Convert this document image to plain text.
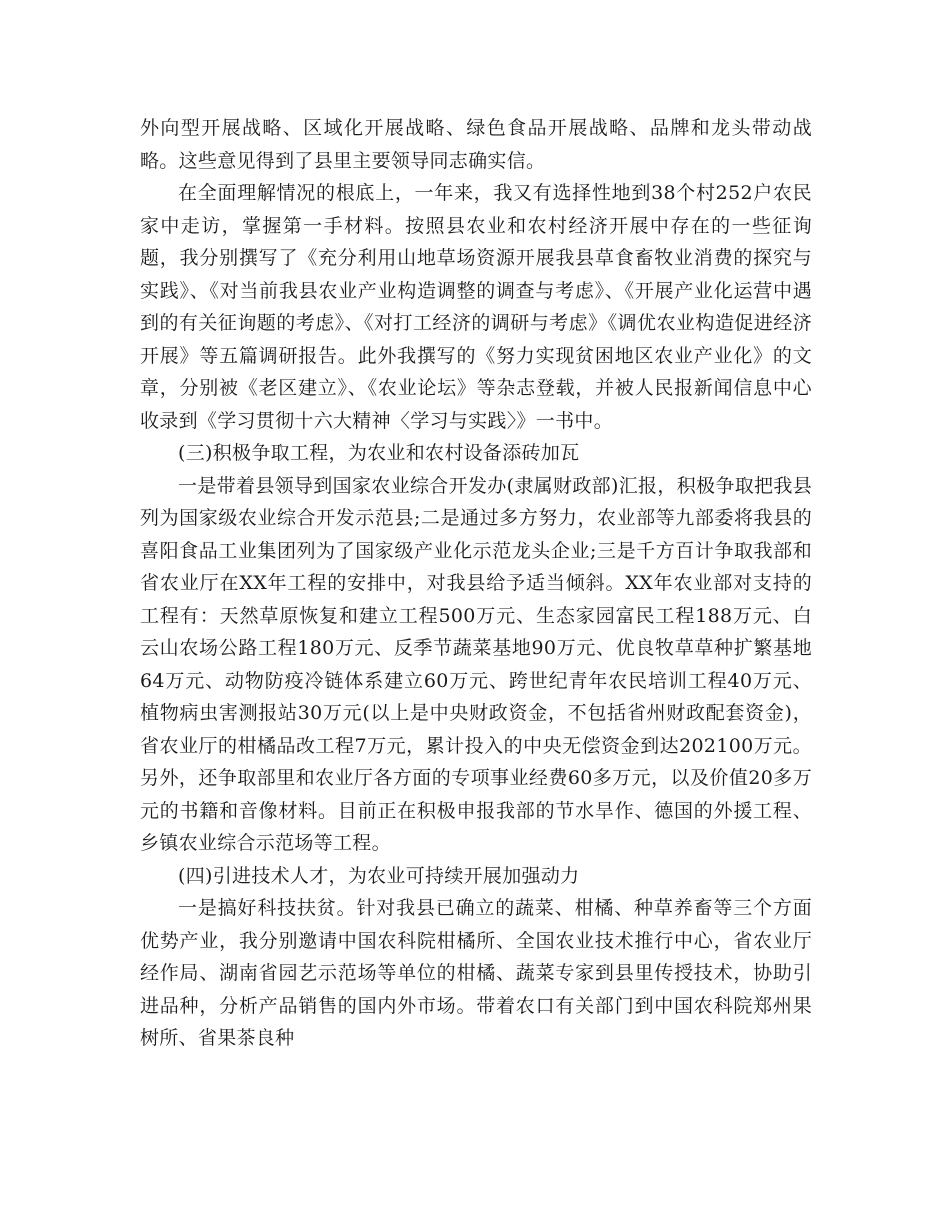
外向型开展战略、区域化开展战略、绿色食品开展战略、品牌和龙头带动战略。这些意见得到了县里主要领导同志确实信。

在全面理解情况的根底上，一年来，我又有选择性地到38个村252户农民家中走访，掌握第一手材料。按照县农业和农村经济开展中存在的一些征询题，我分别撰写了《充分利用山地草场资源开展我县草食畜牧业消费的探究与实践》、《对当前我县农业产业构造调整的调查与考虑》、《开展产业化运营中遇到的有关征询题的考虑》、《对打工经济的调研与考虑》《调优农业构造促进经济开展》等五篇调研报告。此外我撰写的《努力实现贫困地区农业产业化》的文章，分别被《老区建立》、《农业论坛》等杂志登载，并被人民报新闻信息中心收录到《学习贯彻十六大精神〈学习与实践〉》一书中。

(三)积极争取工程，为农业和农村设备添砖加瓦

一是带着县领导到国家农业综合开发办(隶属财政部)汇报，积极争取把我县列为国家级农业综合开发示范县;二是通过多方努力，农业部等九部委将我县的喜阳食品工业集团列为了国家级产业化示范龙头企业;三是千方百计争取我部和省农业厅在XX年工程的安排中，对我县给予适当倾斜。XX年农业部对支持的工程有：天然草原恢复和建立工程500万元、生态家园富民工程188万元、白云山农场公路工程180万元、反季节蔬菜基地90万元、优良牧草草种扩繁基地64万元、动物防疫冷链体系建立60万元、跨世纪青年农民培训工程40万元、植物病虫害测报站30万元(以上是中央财政资金，不包括省州财政配套资金)，省农业厅的柑橘品改工程7万元，累计投入的中央无偿资金到达202100万元。另外，还争取部里和农业厅各方面的专项事业经费60多万元，以及价值20多万元的书籍和音像材料。目前正在积极申报我部的节水旱作、德国的外援工程、乡镇农业综合示范场等工程。

(四)引进技术人才，为农业可持续开展加强动力

一是搞好科技扶贫。针对我县已确立的蔬菜、柑橘、种草养畜等三个方面优势产业，我分别邀请中国农科院柑橘所、全国农业技术推行中心，省农业厅经作局、湖南省园艺示范场等单位的柑橘、蔬菜专家到县里传授技术，协助引进品种，分析产品销售的国内外市场。带着农口有关部门到中国农科院郑州果树所、省果茶良种
